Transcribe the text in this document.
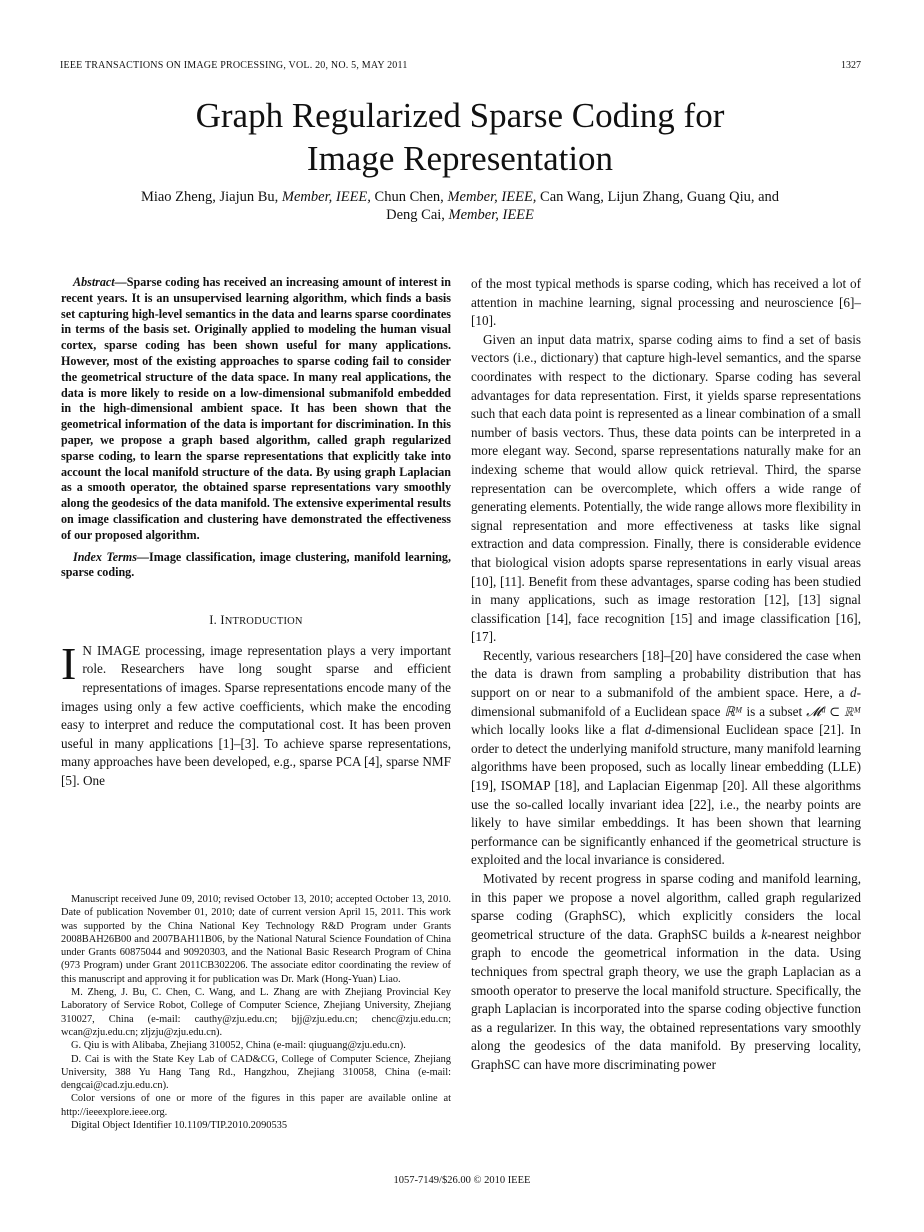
IEEE TRANSACTIONS ON IMAGE PROCESSING, VOL. 20, NO. 5, MAY 2011	1327
Graph Regularized Sparse Coding for
Image Representation
Miao Zheng, Jiajun Bu, Member, IEEE, Chun Chen, Member, IEEE, Can Wang, Lijun Zhang, Guang Qiu, and
Deng Cai, Member, IEEE

Abstract—Sparse coding has received an increasing amount of interest in recent years. It is an unsupervised learning algorithm, which finds a basis set capturing high-level semantics in the data and learns sparse coordinates in terms of the basis set. Originally applied to modeling the human visual cortex, sparse coding has been shown useful for many applications. However, most of the existing approaches to sparse coding fail to consider the geometrical structure of the data space. In many real applications, the data is more likely to reside on a low-dimensional submanifold embedded in the high-dimensional ambient space. It has been shown that the geometrical information of the data is important for discrimination. In this paper, we propose a graph based algorithm, called graph regularized sparse coding, to learn the sparse representations that explicitly take into account the local manifold structure of the data. By using graph Laplacian as a smooth operator, the obtained sparse representations vary smoothly along the geodesics of the data manifold. The extensive experimental results on image classification and clustering have demonstrated the effectiveness of our proposed algorithm.

Index Terms—Image classification, image clustering, manifold learning, sparse coding.

I. INTRODUCTION

I N IMAGE processing, image representation plays a very important role. Researchers have long sought sparse and efficient representations of images. Sparse representations encode many of the images using only a few active coefficients, which make the encoding easy to interpret and reduce the computational cost. It has been proven useful in many applications [1]–[3]. To achieve sparse representations, many approaches have been developed, e.g., sparse PCA [4], sparse NMF [5]. One

Manuscript received June 09, 2010; revised October 13, 2010; accepted October 13, 2010. Date of publication November 01, 2010; date of current version April 15, 2011. This work was supported by the China National Key Technology R&D Program under Grants 2008BAH26B00 and 2007BAH11B06, by the National Natural Science Foundation of China under Grants 60875044 and 90920303, and the National Basic Research Program of China (973 Program) under Grant 2011CB302206. The associate editor coordinating the review of this manuscript and approving it for publication was Dr. Mark (Hong-Yuan) Liao.

M. Zheng, J. Bu, C. Chen, C. Wang, and L. Zhang are with Zhejiang Provincial Key Laboratory of Service Robot, College of Computer Science, Zhejiang University, Zhejiang 310027, China (e-mail: cauthy@zju.edu.cn; bjj@zju.edu.cn; chenc@zju.edu.cn; wcan@zju.edu.cn; zljzju@zju.edu.cn).

G. Qiu is with Alibaba, Zhejiang 310052, China (e-mail: qiuguang@zju.edu.cn).

D. Cai is with the State Key Lab of CAD&CG, College of Computer Science, Zhejiang University, 388 Yu Hang Tang Rd., Hangzhou, Zhejiang 310058, China (e-mail: dengcai@cad.zju.edu.cn).

Color versions of one or more of the figures in this paper are available online at http://ieeexplore.ieee.org.

Digital Object Identifier 10.1109/TIP.2010.2090535

of the most typical methods is sparse coding, which has received a lot of attention in machine learning, signal processing and neuroscience [6]–[10].

Given an input data matrix, sparse coding aims to find a set of basis vectors (i.e., dictionary) that capture high-level semantics, and the sparse coordinates with respect to the dictionary. Sparse coding has several advantages for data representation. First, it yields sparse representations such that each data point is represented as a linear combination of a small number of basis vectors. Thus, these data points can be interpreted in a more elegant way. Second, sparse representations naturally make for an indexing scheme that would allow quick retrieval. Third, the sparse representation can be overcomplete, which offers a wide range of generating elements. Potentially, the wide range allows more flexibility in signal representation and more effectiveness at tasks like signal extraction and data compression. Finally, there is considerable evidence that biological vision adopts sparse representations in early visual areas [10], [11]. Benefit from these advantages, sparse coding has been studied in many applications, such as image restoration [12], [13] signal classification [14], face recognition [15] and image classification [16], [17].

Recently, various researchers [18]–[20] have considered the case when the data is drawn from sampling a probability distribution that has support on or near to a submanifold of the ambient space. Here, a d-dimensional submanifold of a Euclidean space ℝᴹ is a subset 𝓜ᵈ ⊂ ℝᴹ which locally looks like a flat d-dimensional Euclidean space [21]. In order to detect the underlying manifold structure, many manifold learning algorithms have been proposed, such as locally linear embedding (LLE) [19], ISOMAP [18], and Laplacian Eigenmap [20]. All these algorithms use the so-called locally invariant idea [22], i.e., the nearby points are likely to have similar embeddings. It has been shown that learning performance can be significantly enhanced if the geometrical structure is exploited and the local invariance is considered.

Motivated by recent progress in sparse coding and manifold learning, in this paper we propose a novel algorithm, called graph regularized sparse coding (GraphSC), which explicitly considers the local geometrical structure of the data. GraphSC builds a k-nearest neighbor graph to encode the geometrical information in the data. Using techniques from spectral graph theory, we use the graph Laplacian as a smooth operator to preserve the local manifold structure. Specifically, the graph Laplacian is incorporated into the sparse coding objective function as a regularizer. In this way, the obtained representations vary smoothly along the geodesics of the data manifold. By preserving locality, GraphSC can have more discriminating power

1057-7149/$26.00 © 2010 IEEE
